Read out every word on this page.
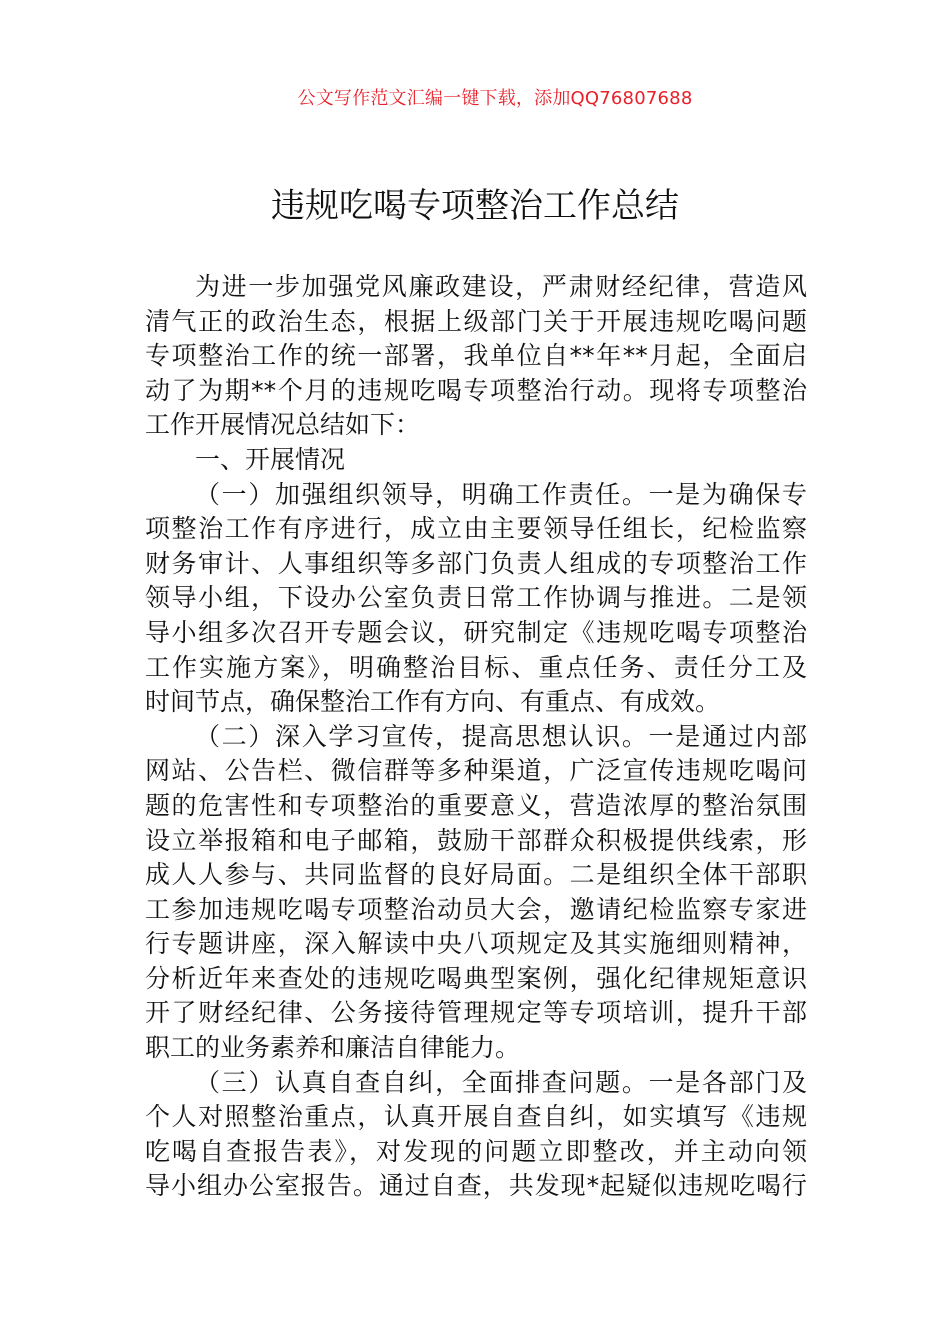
公文写作范文汇编一键下载，添加QQ76807688
违规吃喝专项整治工作总结
为进一步加强党风廉政建设，严肃财经纪律，营造风
清气正的政治生态，根据上级部门关于开展违规吃喝问题
专项整治工作的统一部署，我单位自**年**月起，全面启
动了为期**个月的违规吃喝专项整治行动。现将专项整治
工作开展情况总结如下：
一、开展情况
（一）加强组织领导，明确工作责任。一是为确保专
项整治工作有序进行，成立由主要领导任组长，纪检监察
财务审计、人事组织等多部门负责人组成的专项整治工作
领导小组，下设办公室负责日常工作协调与推进。二是领
导小组多次召开专题会议，研究制定《违规吃喝专项整治
工作实施方案》，明确整治目标、重点任务、责任分工及
时间节点，确保整治工作有方向、有重点、有成效。
（二）深入学习宣传，提高思想认识。一是通过内部
网站、公告栏、微信群等多种渠道，广泛宣传违规吃喝问
题的危害性和专项整治的重要意义，营造浓厚的整治氛围
设立举报箱和电子邮箱，鼓励干部群众积极提供线索，形
成人人参与、共同监督的良好局面。二是组织全体干部职
工参加违规吃喝专项整治动员大会，邀请纪检监察专家进
行专题讲座，深入解读中央八项规定及其实施细则精神，
分析近年来查处的违规吃喝典型案例，强化纪律规矩意识
开了财经纪律、公务接待管理规定等专项培训，提升干部
职工的业务素养和廉洁自律能力。
（三）认真自查自纠，全面排查问题。一是各部门及
个人对照整治重点，认真开展自查自纠，如实填写《违规
吃喝自查报告表》，对发现的问题立即整改，并主动向领
导小组办公室报告。通过自查，共发现*起疑似违规吃喝行
